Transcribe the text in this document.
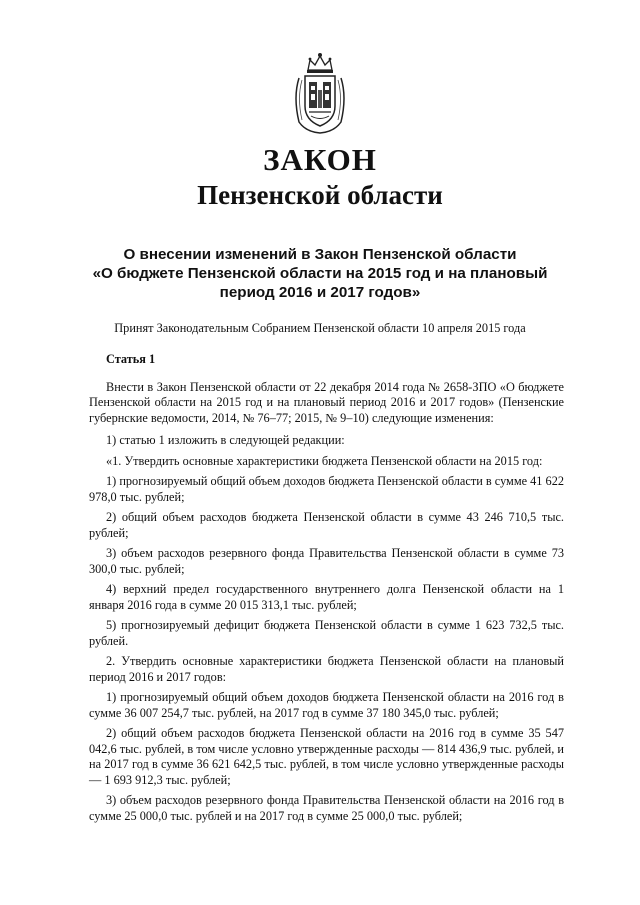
ЗАКОН
Пензенской области
О внесении изменений в Закон Пензенской области
«О бюджете Пензенской области на 2015 год и на плановый
период 2016 и 2017 годов»
Принят Законодательным Собранием Пензенской области 10 апреля 2015 года
Статья 1
Внести в Закон Пензенской области от 22 декабря 2014 года № 2658-ЗПО «О бюджете Пензенской области на 2015 год и на плановый период 2016 и 2017 годов» (Пензенские губернские ведомости, 2014, № 76–77; 2015, № 9–10) следующие изменения:
1) статью 1 изложить в следующей редакции:
«1. Утвердить основные характеристики бюджета Пензенской области на 2015 год:
1) прогнозируемый общий объем доходов бюджета Пензенской области в сумме 41 622 978,0 тыс. рублей;
2) общий объем расходов бюджета Пензенской области в сумме 43 246 710,5 тыс. рублей;
3) объем расходов резервного фонда Правительства Пензенской области в сумме 73 300,0 тыс. рублей;
4) верхний предел государственного внутреннего долга Пензенской области на 1 января 2016 года в сумме 20 015 313,1 тыс. рублей;
5) прогнозируемый дефицит бюджета Пензенской области в сумме 1 623 732,5 тыс. рублей.
2. Утвердить основные характеристики бюджета Пензенской области на плановый период 2016 и 2017 годов:
1) прогнозируемый общий объем доходов бюджета Пензенской области на 2016 год в сумме 36 007 254,7 тыс. рублей, на 2017 год в сумме 37 180 345,0 тыс. рублей;
2) общий объем расходов бюджета Пензенской области на 2016 год в сумме 35 547 042,6 тыс. рублей, в том числе условно утвержденные расходы — 814 436,9 тыс. рублей, и на 2017 год в сумме 36 621 642,5 тыс. рублей, в том числе условно утвержденные расходы — 1 693 912,3 тыс. рублей;
3) объем расходов резервного фонда Правительства Пензенской области на 2016 год в сумме 25 000,0 тыс. рублей и на 2017 год в сумме 25 000,0 тыс. рублей;
